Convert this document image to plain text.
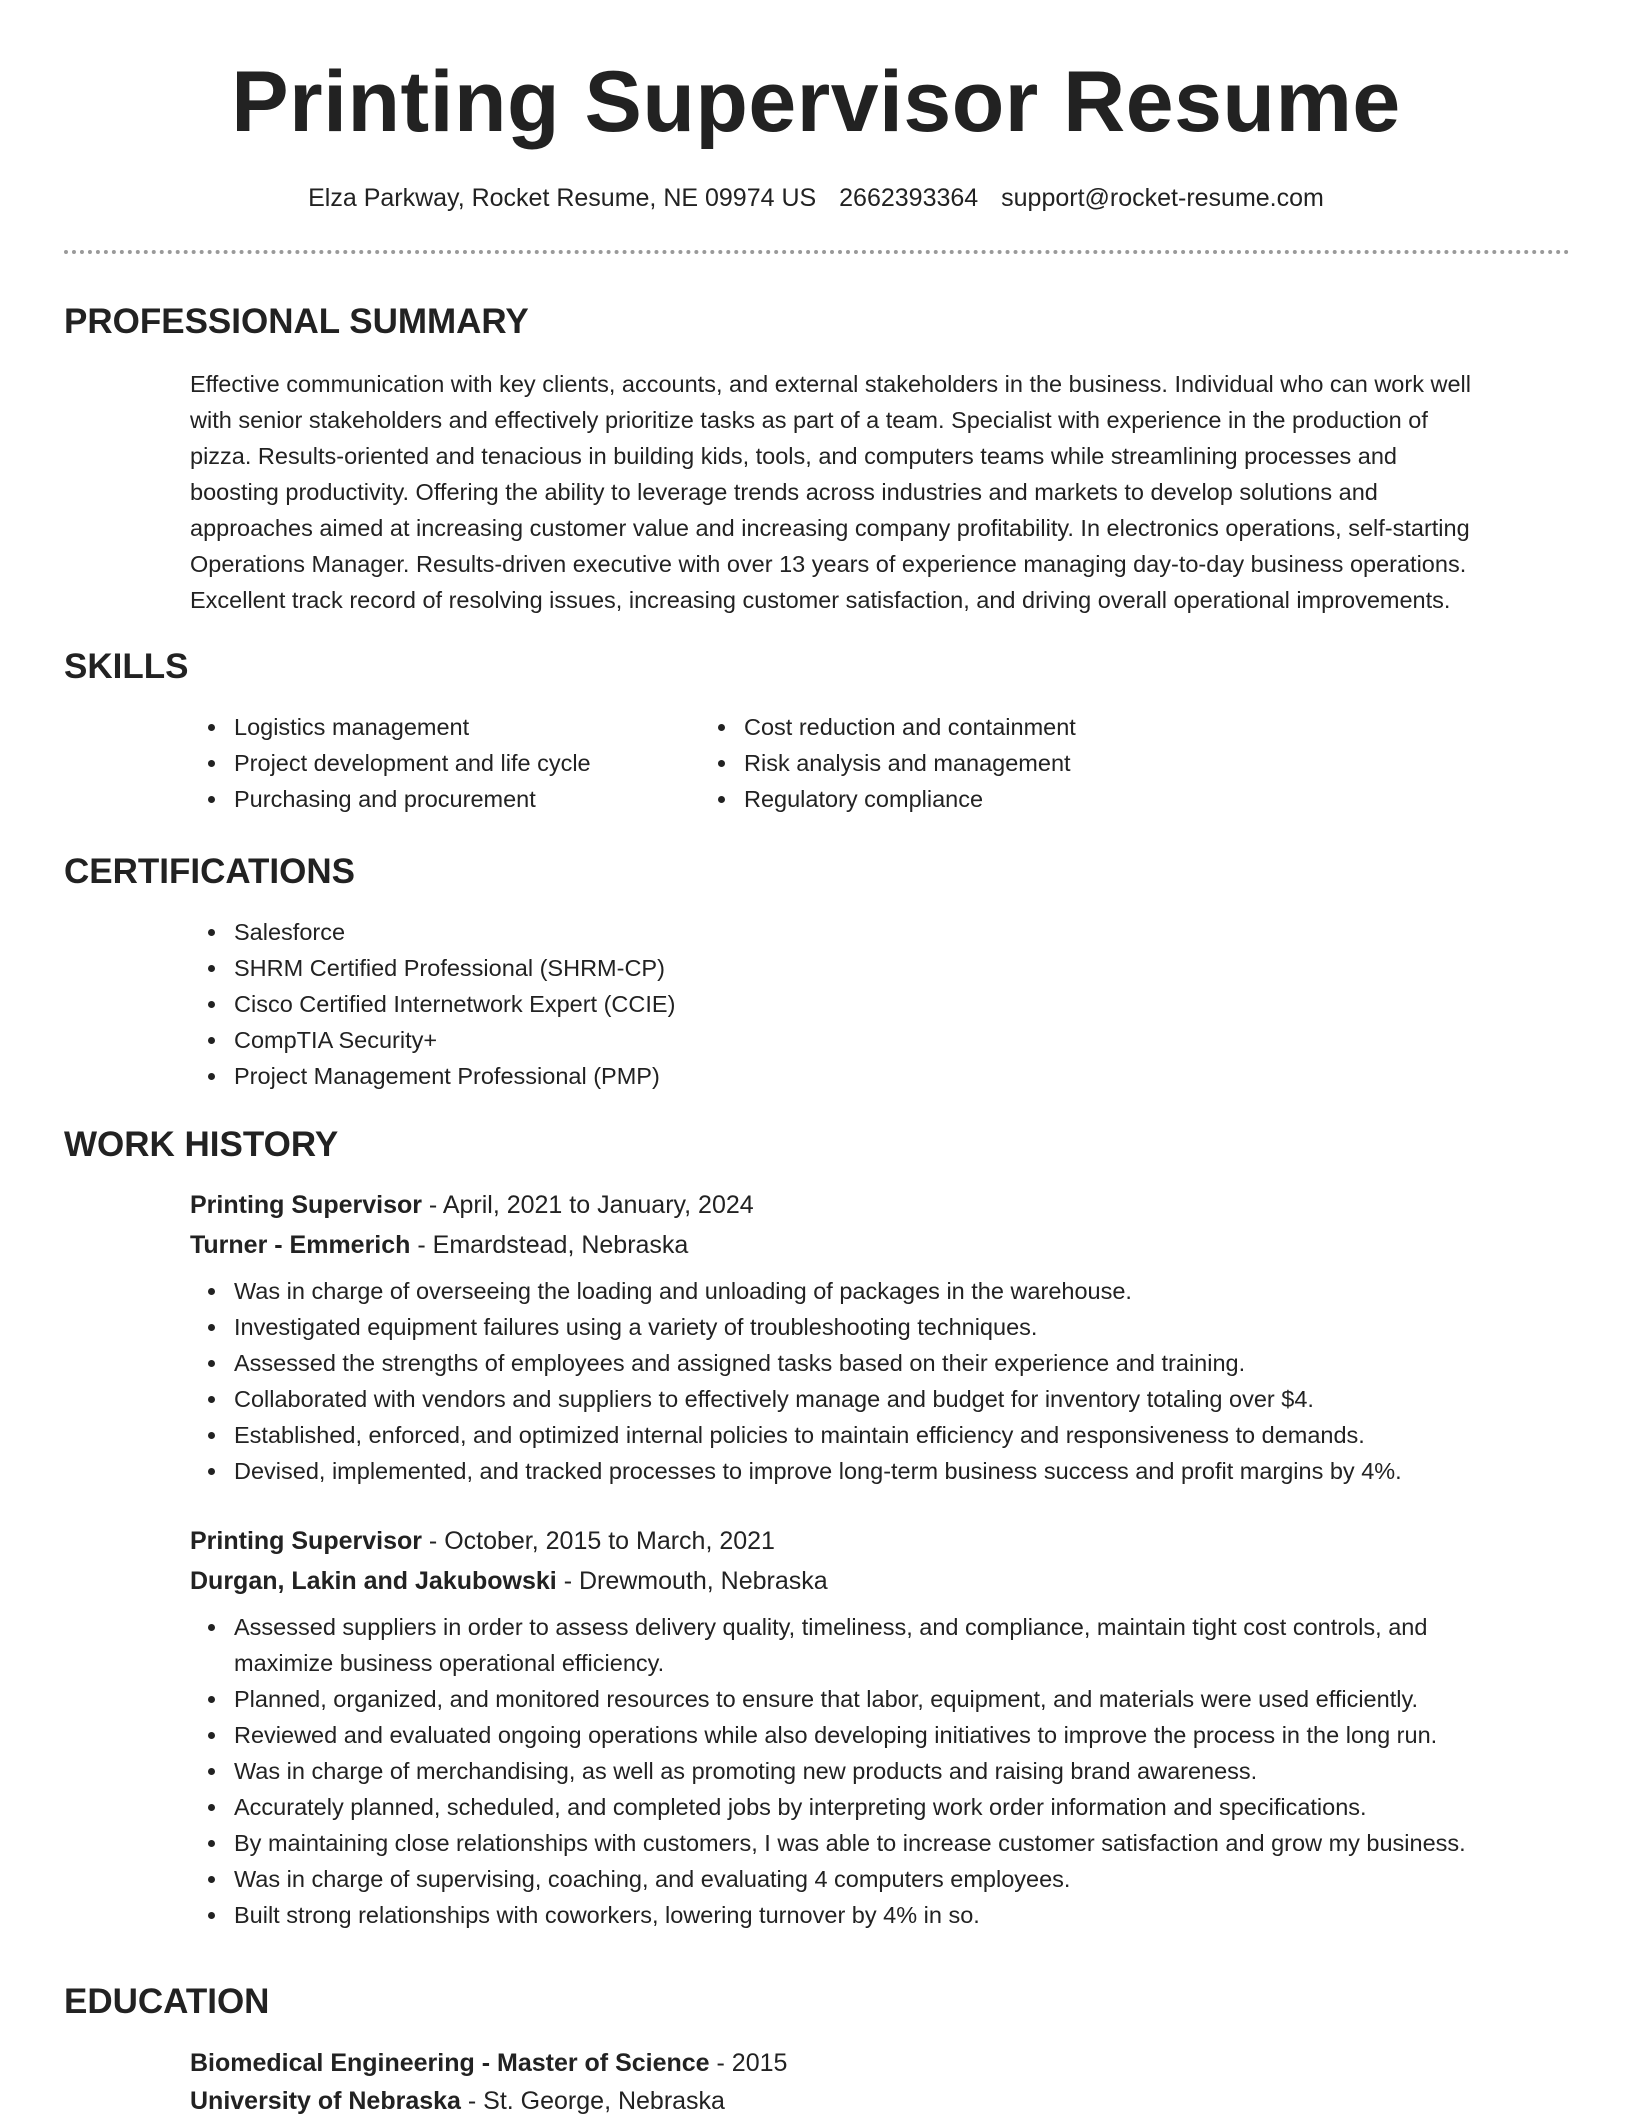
Printing Supervisor Resume
Elza Parkway, Rocket Resume, NE 09974 US 2662393364 support@rocket-resume.com
PROFESSIONAL SUMMARY
Effective communication with key clients, accounts, and external stakeholders in the business. Individual who can work well
with senior stakeholders and effectively prioritize tasks as part of a team. Specialist with experience in the production of
pizza. Results-oriented and tenacious in building kids, tools, and computers teams while streamlining processes and
boosting productivity. Offering the ability to leverage trends across industries and markets to develop solutions and
approaches aimed at increasing customer value and increasing company profitability. In electronics operations, self-starting
Operations Manager. Results-driven executive with over 13 years of experience managing day-to-day business operations.
Excellent track record of resolving issues, increasing customer satisfaction, and driving overall operational improvements.
SKILLS
Logistics management
Project development and life cycle
Purchasing and procurement
Cost reduction and containment
Risk analysis and management
Regulatory compliance
CERTIFICATIONS
Salesforce
SHRM Certified Professional (SHRM-CP)
Cisco Certified Internetwork Expert (CCIE)
CompTIA Security+
Project Management Professional (PMP)
WORK HISTORY
Printing Supervisor - April, 2021 to January, 2024
Turner - Emmerich - Emardstead, Nebraska
Was in charge of overseeing the loading and unloading of packages in the warehouse.
Investigated equipment failures using a variety of troubleshooting techniques.
Assessed the strengths of employees and assigned tasks based on their experience and training.
Collaborated with vendors and suppliers to effectively manage and budget for inventory totaling over $4.
Established, enforced, and optimized internal policies to maintain efficiency and responsiveness to demands.
Devised, implemented, and tracked processes to improve long-term business success and profit margins by 4%.
Printing Supervisor - October, 2015 to March, 2021
Durgan, Lakin and Jakubowski - Drewmouth, Nebraska
Assessed suppliers in order to assess delivery quality, timeliness, and compliance, maintain tight cost controls, and maximize business operational efficiency.
Planned, organized, and monitored resources to ensure that labor, equipment, and materials were used efficiently.
Reviewed and evaluated ongoing operations while also developing initiatives to improve the process in the long run.
Was in charge of merchandising, as well as promoting new products and raising brand awareness.
Accurately planned, scheduled, and completed jobs by interpreting work order information and specifications.
By maintaining close relationships with customers, I was able to increase customer satisfaction and grow my business.
Was in charge of supervising, coaching, and evaluating 4 computers employees.
Built strong relationships with coworkers, lowering turnover by 4% in so.
EDUCATION
Biomedical Engineering - Master of Science - 2015
University of Nebraska - St. George, Nebraska
